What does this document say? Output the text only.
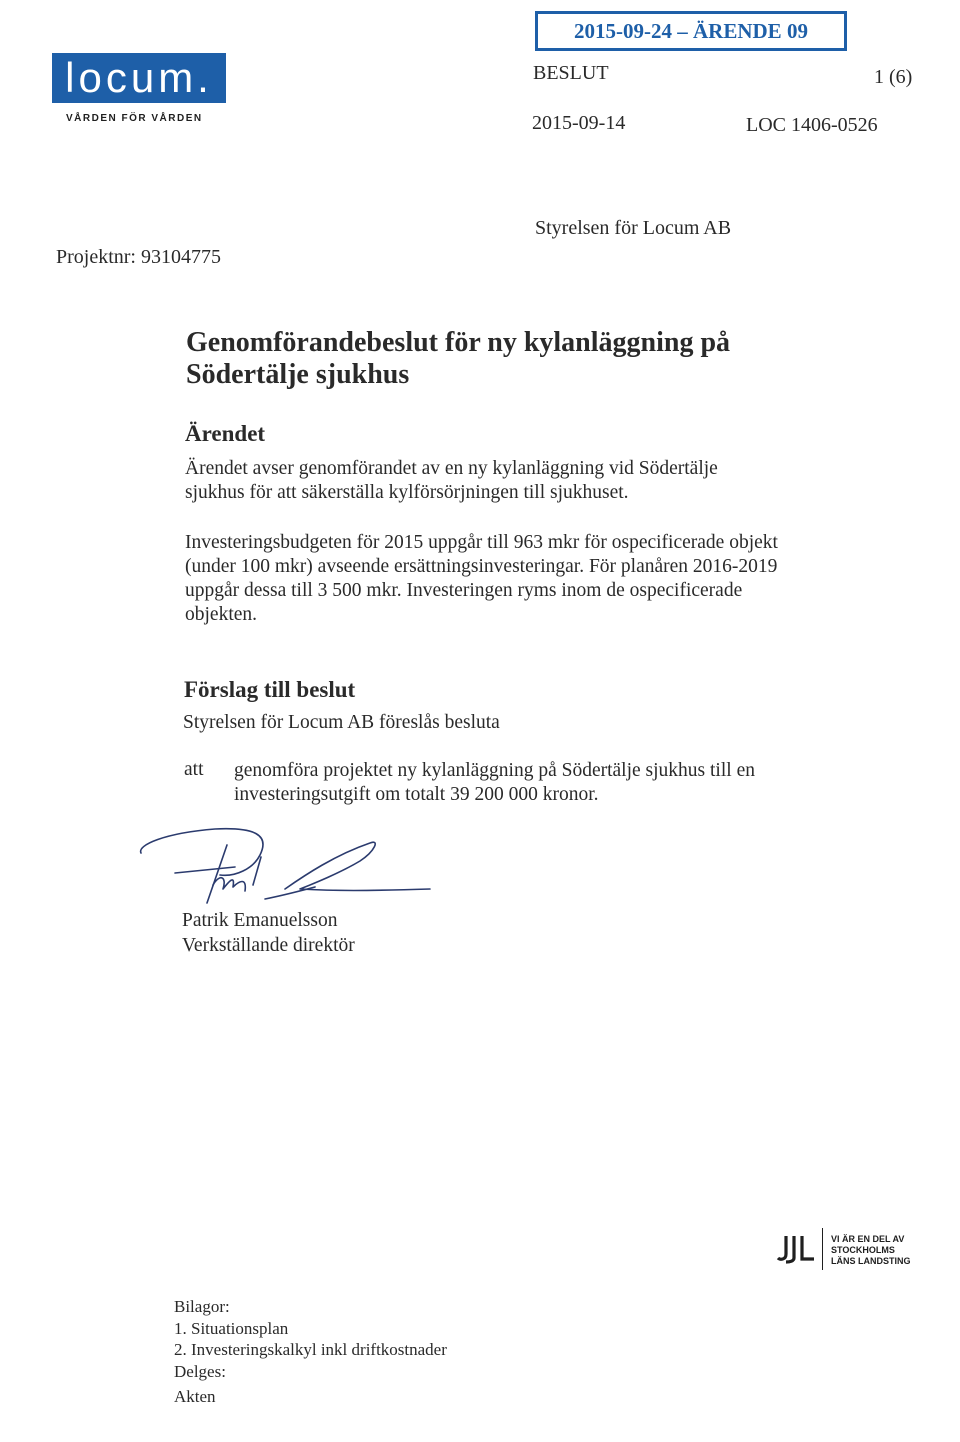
locum.
VÅRDEN FÖR VÅRDEN
2015-09-24 – ÄRENDE 09
BESLUT	1 (6)
2015-09-14	LOC 1406-0526
Styrelsen för Locum AB
Projektnr: 93104775
Genomförandebeslut för ny kylanläggning på
Södertälje sjukhus
Ärendet

Ärendet avser genomförandet av en ny kylanläggning vid Södertälje sjukhus för att säkerställa kylförsörjningen till sjukhuset.

Investeringsbudgeten för 2015 uppgår till 963 mkr för ospecificerade objekt (under 100 mkr) avseende ersättningsinvesteringar. För planåren 2016-2019 uppgår dessa till 3 500 mkr. Investeringen ryms inom de ospecificerade objekten.

Förslag till beslut

Styrelsen för Locum AB föreslås besluta

att genomföra projektet ny kylanläggning på Södertälje sjukhus till en investeringsutgift om totalt 39 200 000 kronor.

Patrik Emanuelsson
Verkställande direktör
VI ÄR EN DEL AV
STOCKHOLMS
LÄNS LANDSTING
Bilagor:
1. Situationsplan
2. Investeringskalkyl inkl driftkostnader
Delges:
Akten
